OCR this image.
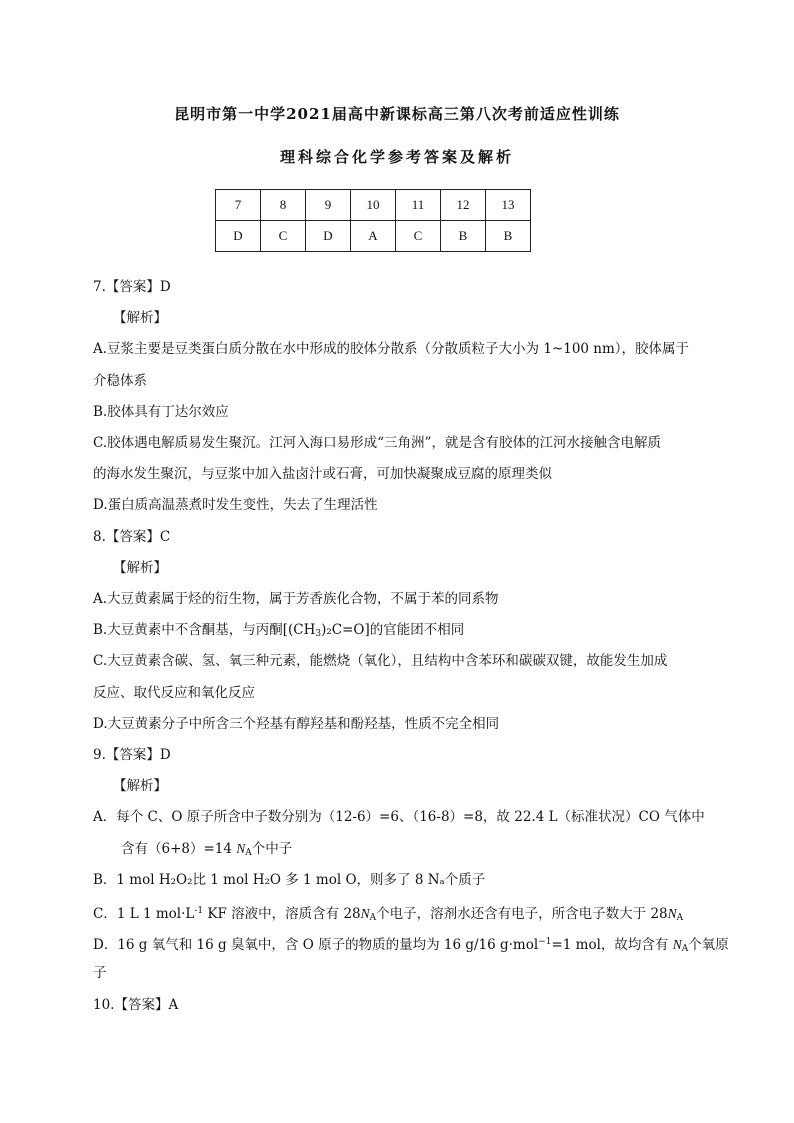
昆明市第一中学2021届高中新课标高三第八次考前适应性训练
理科综合化学参考答案及解析
7	8	9	10	11	12	13
D	C	D	A	C	B	B
7.【答案】D
【解析】
A.豆浆主要是豆类蛋白质分散在水中形成的胶体分散系（分散质粒子大小为 1~100 nm），胶体属于
介稳体系
B.胶体具有丁达尔效应
C.胶体遇电解质易发生聚沉。江河入海口易形成“三角洲”，就是含有胶体的江河水接触含电解质
的海水发生聚沉，与豆浆中加入盐卤汁或石膏，可加快凝聚成豆腐的原理类似
D.蛋白质高温蒸煮时发生变性，失去了生理活性
8.【答案】C
【解析】
A.大豆黄素属于烃的衍生物，属于芳香族化合物，不属于苯的同系物
B.大豆黄素中不含酮基，与丙酮$[(CH_3)_2C=O]$的官能团不相同
C.大豆黄素含碳、氢、氧三种元素，能燃烧（氧化），且结构中含苯环和碳碳双键，故能发生加成
反应、取代反应和氧化反应
D.大豆黄素分子中所含三个羟基有醇羟基和酚羟基，性质不完全相同
9.【答案】D
【解析】
A．每个 C、O 原子所含中子数分别为（12-6）=6、（16-8）=8，故 22.4 L（标准状况）CO 气体中
含有（6+8）=14 $N_A$个中子
B．1 mol H₂O₂比 1 mol H₂O 多 1 mol O，则多了 8 Nₐ个质子
C．1 L 1 $mol\cdot L^{-1}$ KF 溶液中，溶质含有 $28N_A$个电子，溶剂水还含有电子，所含电子数大于 $28N_A$
D．16 g 氧气和 16 g 臭氧中，含 O 原子的物质的量均为 16 g/16 g·mol$^{-1}$=1 mol，故均含有 $N_A$个氧原
子
10.【答案】A
